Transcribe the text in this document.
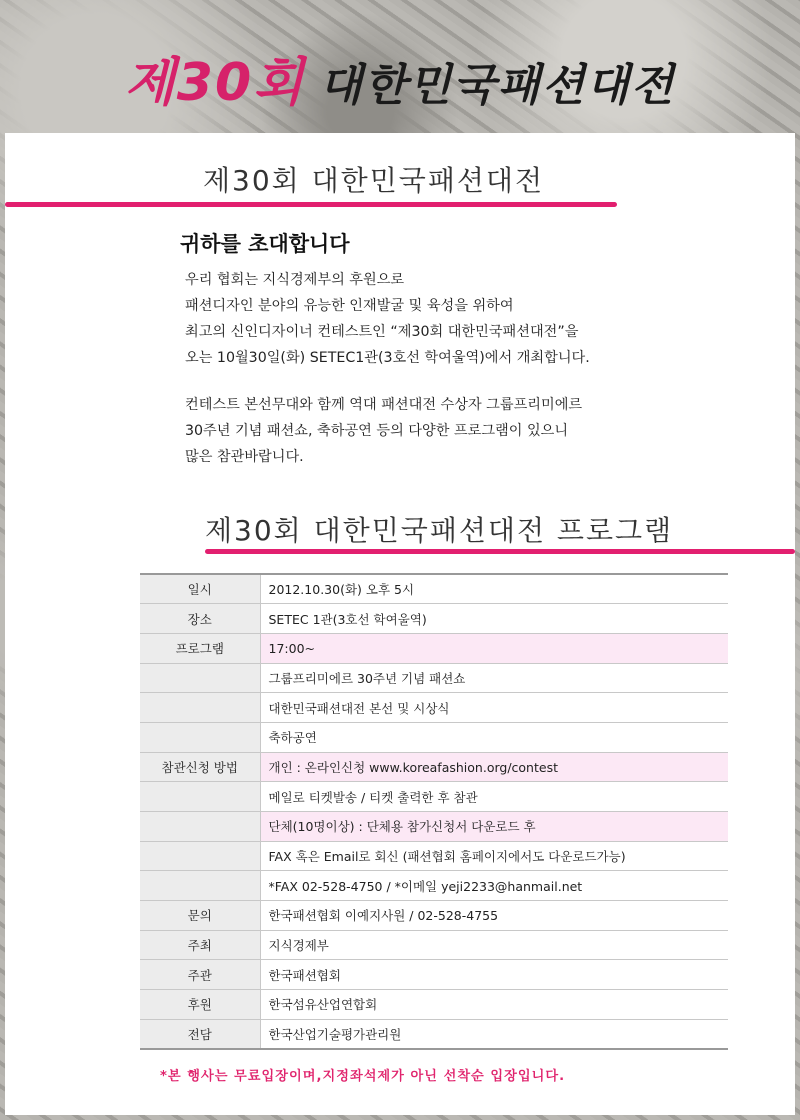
제30회 대한민국패션대전
제30회 대한민국패션대전
귀하를 초대합니다
우리 협회는 지식경제부의 후원으로
패션디자인 분야의 유능한 인재발굴 및 육성을 위하여
최고의 신인디자이너 컨테스트인 “제30회 대한민국패션대전”을
오는 10월30일(화) SETEC1관(3호선 학여울역)에서 개최합니다.
컨테스트 본선무대와 함께 역대 패션대전 수상자 그룹프리미에르
30주년 기념 패션쇼, 축하공연 등의 다양한 프로그램이 있으니
많은 참관바랍니다.
제30회 대한민국패션대전 프로그램
일시	2012.10.30(화) 오후 5시
장소	SETEC 1관(3호선 학여울역)
프로그램	17:00~
	그룹프리미에르 30주년 기념 패션쇼
	대한민국패션대전 본선 및 시상식
	축하공연
참관신청 방법	개인 : 온라인신청 www.koreafashion.org/contest
	메일로 티켓발송 / 티켓 출력한 후 참관
	단체(10명이상) : 단체용 참가신청서 다운로드 후
	FAX 혹은 Email로 회신 (패션협회 홈페이지에서도 다운로드가능)
	*FAX 02-528-4750 / *이메일 yeji2233@hanmail.net
문의	한국패션협회 이예지사원 / 02-528-4755
주최	지식경제부
주관	한국패션협회
후원	한국섬유산업연합회
전담	한국산업기술평가관리원
*본 행사는 무료입장이며,지정좌석제가 아닌 선착순 입장입니다.
